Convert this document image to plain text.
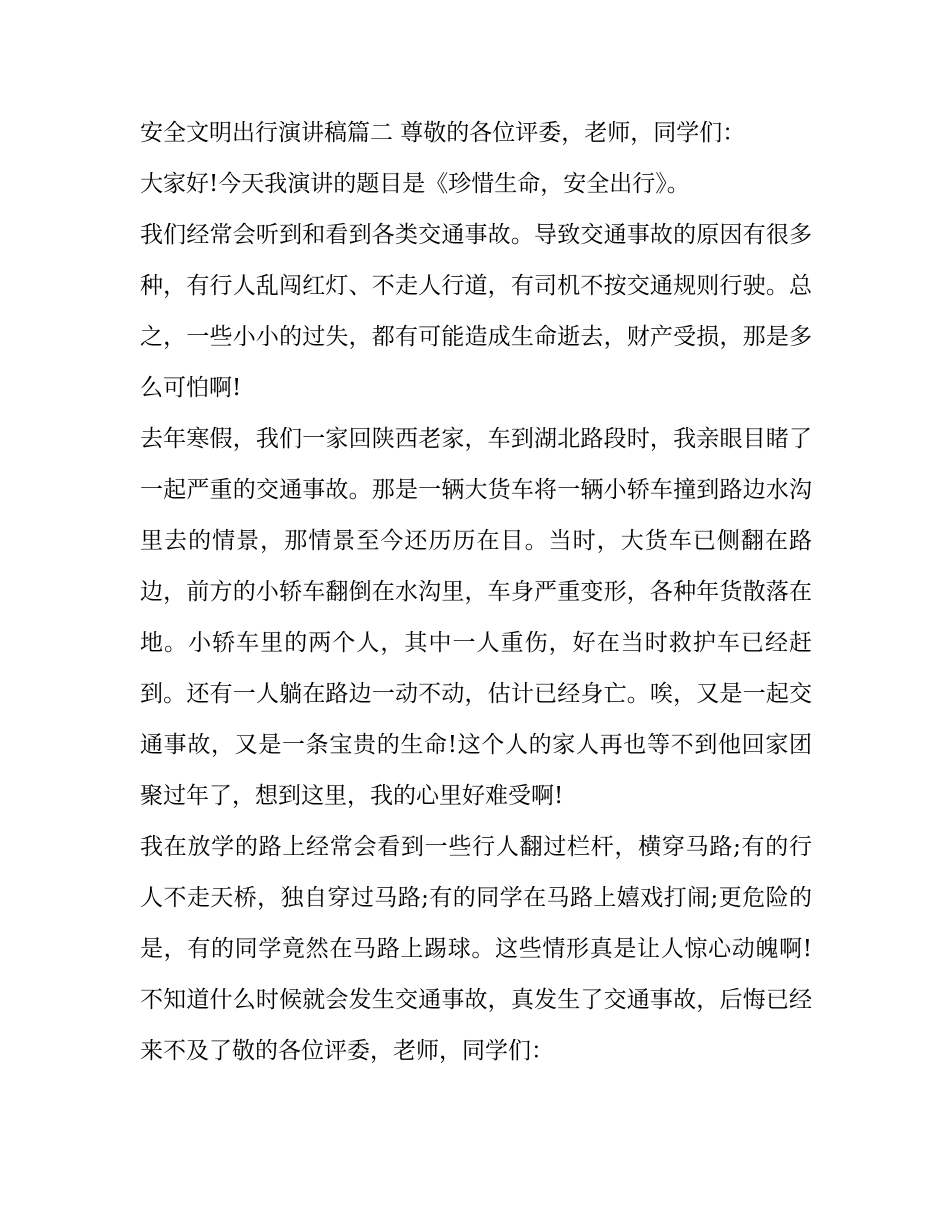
安全文明出行演讲稿篇二 尊敬的各位评委，老师，同学们：

大家好!今天我演讲的题目是《珍惜生命，安全出行》。

我们经常会听到和看到各类交通事故。导致交通事故的原因有很多种，有行人乱闯红灯、不走人行道，有司机不按交通规则行驶。总之，一些小小的过失，都有可能造成生命逝去，财产受损，那是多么可怕啊!

去年寒假，我们一家回陕西老家，车到湖北路段时，我亲眼目睹了一起严重的交通事故。那是一辆大货车将一辆小轿车撞到路边水沟里去的情景，那情景至今还历历在目。当时，大货车已侧翻在路边，前方的小轿车翻倒在水沟里，车身严重变形，各种年货散落在地。小轿车里的两个人，其中一人重伤，好在当时救护车已经赶到。还有一人躺在路边一动不动，估计已经身亡。唉，又是一起交通事故，又是一条宝贵的生命!这个人的家人再也等不到他回家团聚过年了，想到这里，我的心里好难受啊!

我在放学的路上经常会看到一些行人翻过栏杆，横穿马路;有的行人不走天桥，独自穿过马路;有的同学在马路上嬉戏打闹;更危险的是，有的同学竟然在马路上踢球。这些情形真是让人惊心动魄啊!不知道什么时候就会发生交通事故，真发生了交通事故，后悔已经来不及了敬的各位评委，老师，同学们：
